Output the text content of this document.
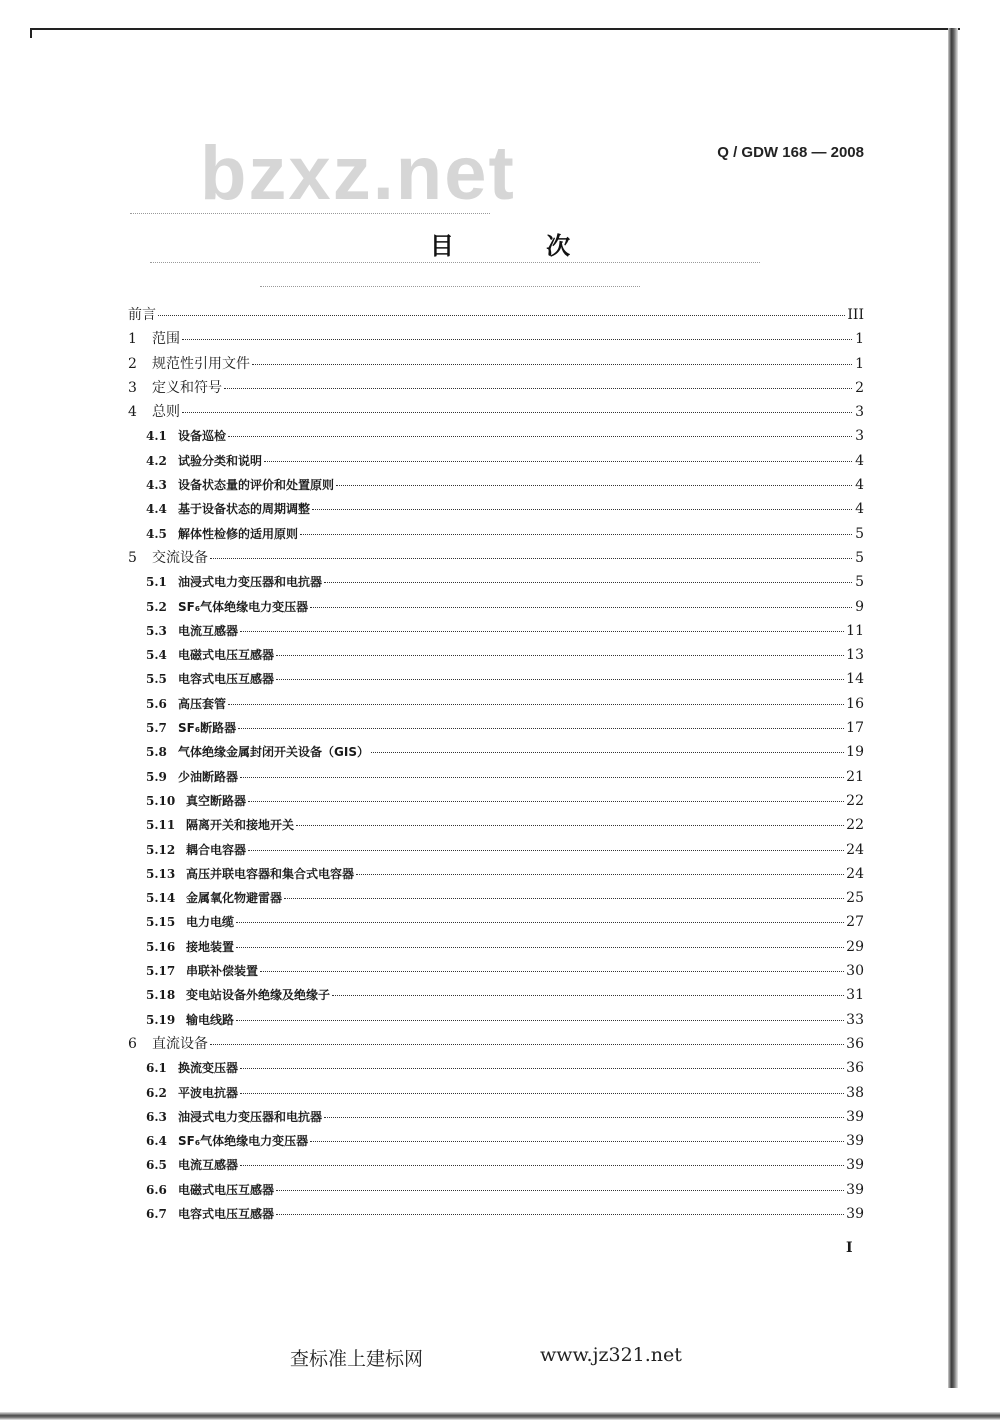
bzxz.net	Q / GDW 168 — 2008
目 次
前言	III
1	范围	1
2	规范性引用文件	1
3	定义和符号	2
4	总则	3
4.1 设备巡检	3
4.2 试验分类和说明	4
4.3 设备状态量的评价和处置原则	4
4.4 基于设备状态的周期调整	4
4.5 解体性检修的适用原则	5
5	交流设备	5
5.1 油浸式电力变压器和电抗器	5
5.2 SF₆气体绝缘电力变压器	9
5.3 电流互感器	11
5.4 电磁式电压互感器	13
5.5 电容式电压互感器	14
5.6 高压套管	16
5.7 SF₆断路器	17
5.8 气体绝缘金属封闭开关设备（GIS）	19
5.9 少油断路器	21
5.10 真空断路器	22
5.11 隔离开关和接地开关	22
5.12 耦合电容器	24
5.13 高压并联电容器和集合式电容器	24
5.14 金属氧化物避雷器	25
5.15 电力电缆	27
5.16 接地装置	29
5.17 串联补偿装置	30
5.18 变电站设备外绝缘及绝缘子	31
5.19 输电线路	33
6	直流设备	36
6.1 换流变压器	36
6.2 平波电抗器	38
6.3 油浸式电力变压器和电抗器	39
6.4 SF₆气体绝缘电力变压器	39
6.5 电流互感器	39
6.6 电磁式电压互感器	39
6.7 电容式电压互感器	39
I
查标准上建标网	www.jz321.net
